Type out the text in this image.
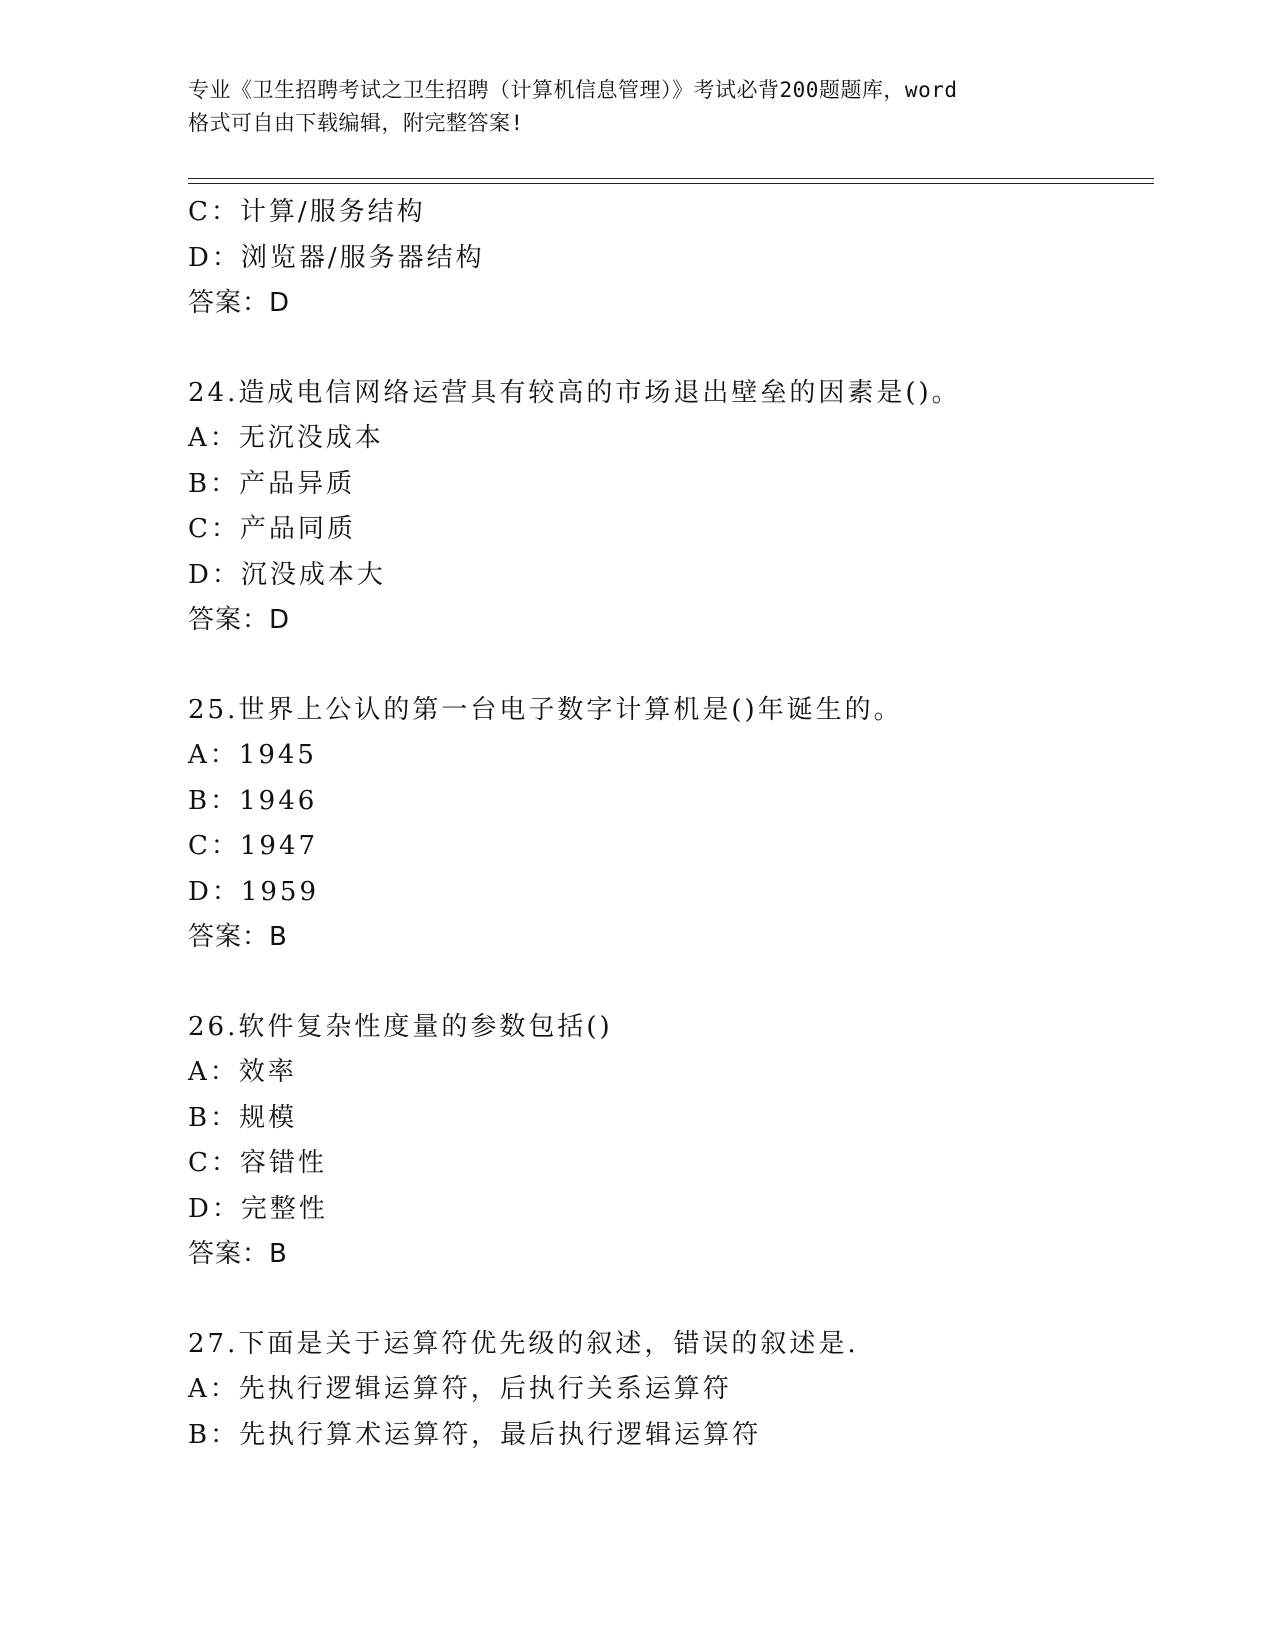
专业《卫生招聘考试之卫生招聘（计算机信息管理）》考试必背200题题库，word
格式可自由下载编辑，附完整答案!
C：计算/服务结构
D：浏览器/服务器结构
答案：D
24.造成电信网络运营具有较高的市场退出壁垒的因素是()。
A：无沉没成本
B：产品异质
C：产品同质
D：沉没成本大
答案：D
25.世界上公认的第一台电子数字计算机是()年诞生的。
A：1945
B：1946
C：1947
D：1959
答案：B
26.软件复杂性度量的参数包括()
A：效率
B：规模
C：容错性
D：完整性
答案：B
27.下面是关于运算符优先级的叙述，错误的叙述是.
A：先执行逻辑运算符，后执行关系运算符
B：先执行算术运算符，最后执行逻辑运算符
